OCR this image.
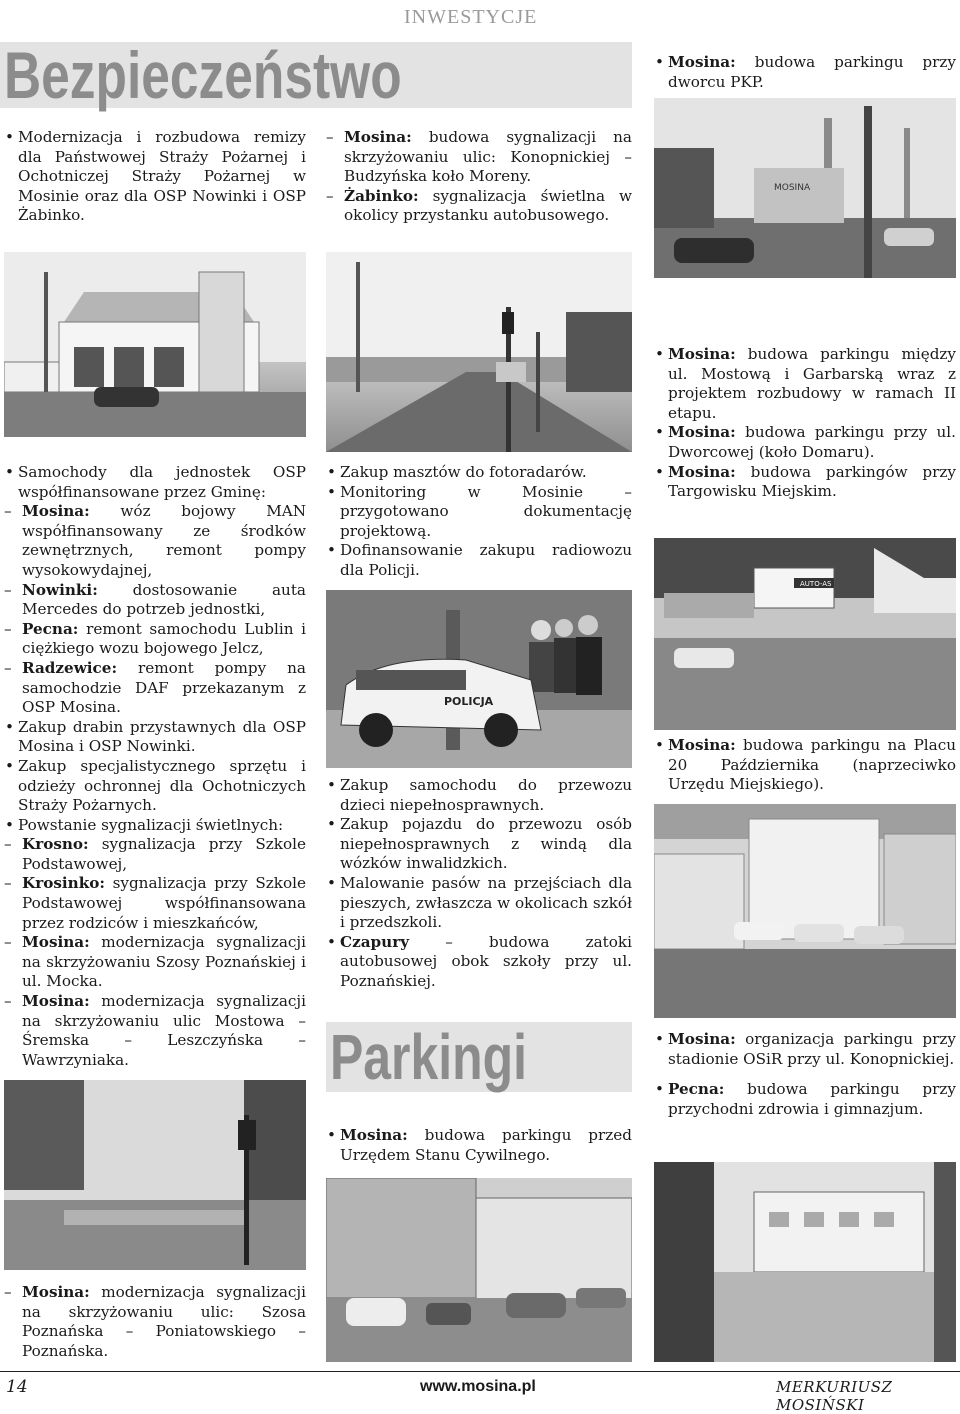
INWESTYCJE
Bezpieczeństwo

• Modernizacja i rozbudowa remizy dla Państwowej Straży Pożarnej i Ochotniczej Straży Pożarnej w Mosinie oraz dla OSP Nowinki i OSP Żabinko.

– Mosina: budowa sygnalizacji na skrzyżowaniu ulic: Konopnickiej – Budzyńska koło Moreny.

– Żabinko: sygnalizacja świetlna w okolicy przystanku autobusowego.

• Mosina: budowa parkingu przy dworcu PKP.

MOSINA
POLICJA
AUTO-AS

• Samochody dla jednostek OSP współfinansowane przez Gminę:

– Mosina: wóz bojowy MAN współfinansowany ze środków zewnętrznych, remont pompy wysokowydajnej,

– Nowinki: dostosowanie auta Mercedes do potrzeb jednostki,

– Pecna: remont samochodu Lublin i ciężkiego wozu bojowego Jelcz,

– Radzewice: remont pompy na samochodzie DAF przekazanym z OSP Mosina.

• Zakup drabin przystawnych dla OSP Mosina i OSP Nowinki.

• Zakup specjalistycznego sprzętu i odzieży ochronnej dla Ochotniczych Straży Pożarnych.

• Powstanie sygnalizacji świetlnych:

– Krosno: sygnalizacja przy Szkole Podstawowej,

– Krosinko: sygnalizacja przy Szkole Podstawowej współfinansowana przez rodziców i mieszkańców,

– Mosina: modernizacja sygnalizacji na skrzyżowaniu Szosy Poznańskiej i ul. Mocka.

– Mosina: modernizacja sygnalizacji na skrzyżowaniu ulic Mostowa – Śremska – Leszczyńska – Wawrzyniaka.

• Zakup masztów do fotoradarów.

• Monitoring w Mosinie – przygotowano dokumentację projektową.

• Dofinansowanie zakupu radiowozu dla Policji.

• Zakup samochodu do przewozu dzieci niepełnosprawnych.

• Zakup pojazdu do przewozu osób niepełnosprawnych z windą dla wózków inwalidzkich.

• Malowanie pasów na przejściach dla pieszych, zwłaszcza w okolicach szkół i przedszkoli.

• Czapury – budowa zatoki autobusowej obok szkoły przy ul. Poznańskiej.

Parkingi

• Mosina: budowa parkingu przed Urzędem Stanu Cywilnego.

• Mosina: budowa parkingu między ul. Mostową i Garbarską wraz z projektem rozbudowy w ramach II etapu.

• Mosina: budowa parkingu przy ul. Dworcowej (koło Domaru).

• Mosina: budowa parkingów przy Targowisku Miejskim.

• Mosina: budowa parkingu na Placu 20 Października (naprzeciwko Urzędu Miejskiego).

• Mosina: organizacja parkingu przy stadionie OSiR przy ul. Konopnickiej.

• Pecna: budowa parkingu przy przychodni zdrowia i gimnazjum.

– Mosina: modernizacja sygnalizacji na skrzyżowaniu ulic: Szosa Poznańska – Poniatowskiego – Poznańska.

14	www.mosina.pl	MERKURIUSZ MOSIŃSKI
